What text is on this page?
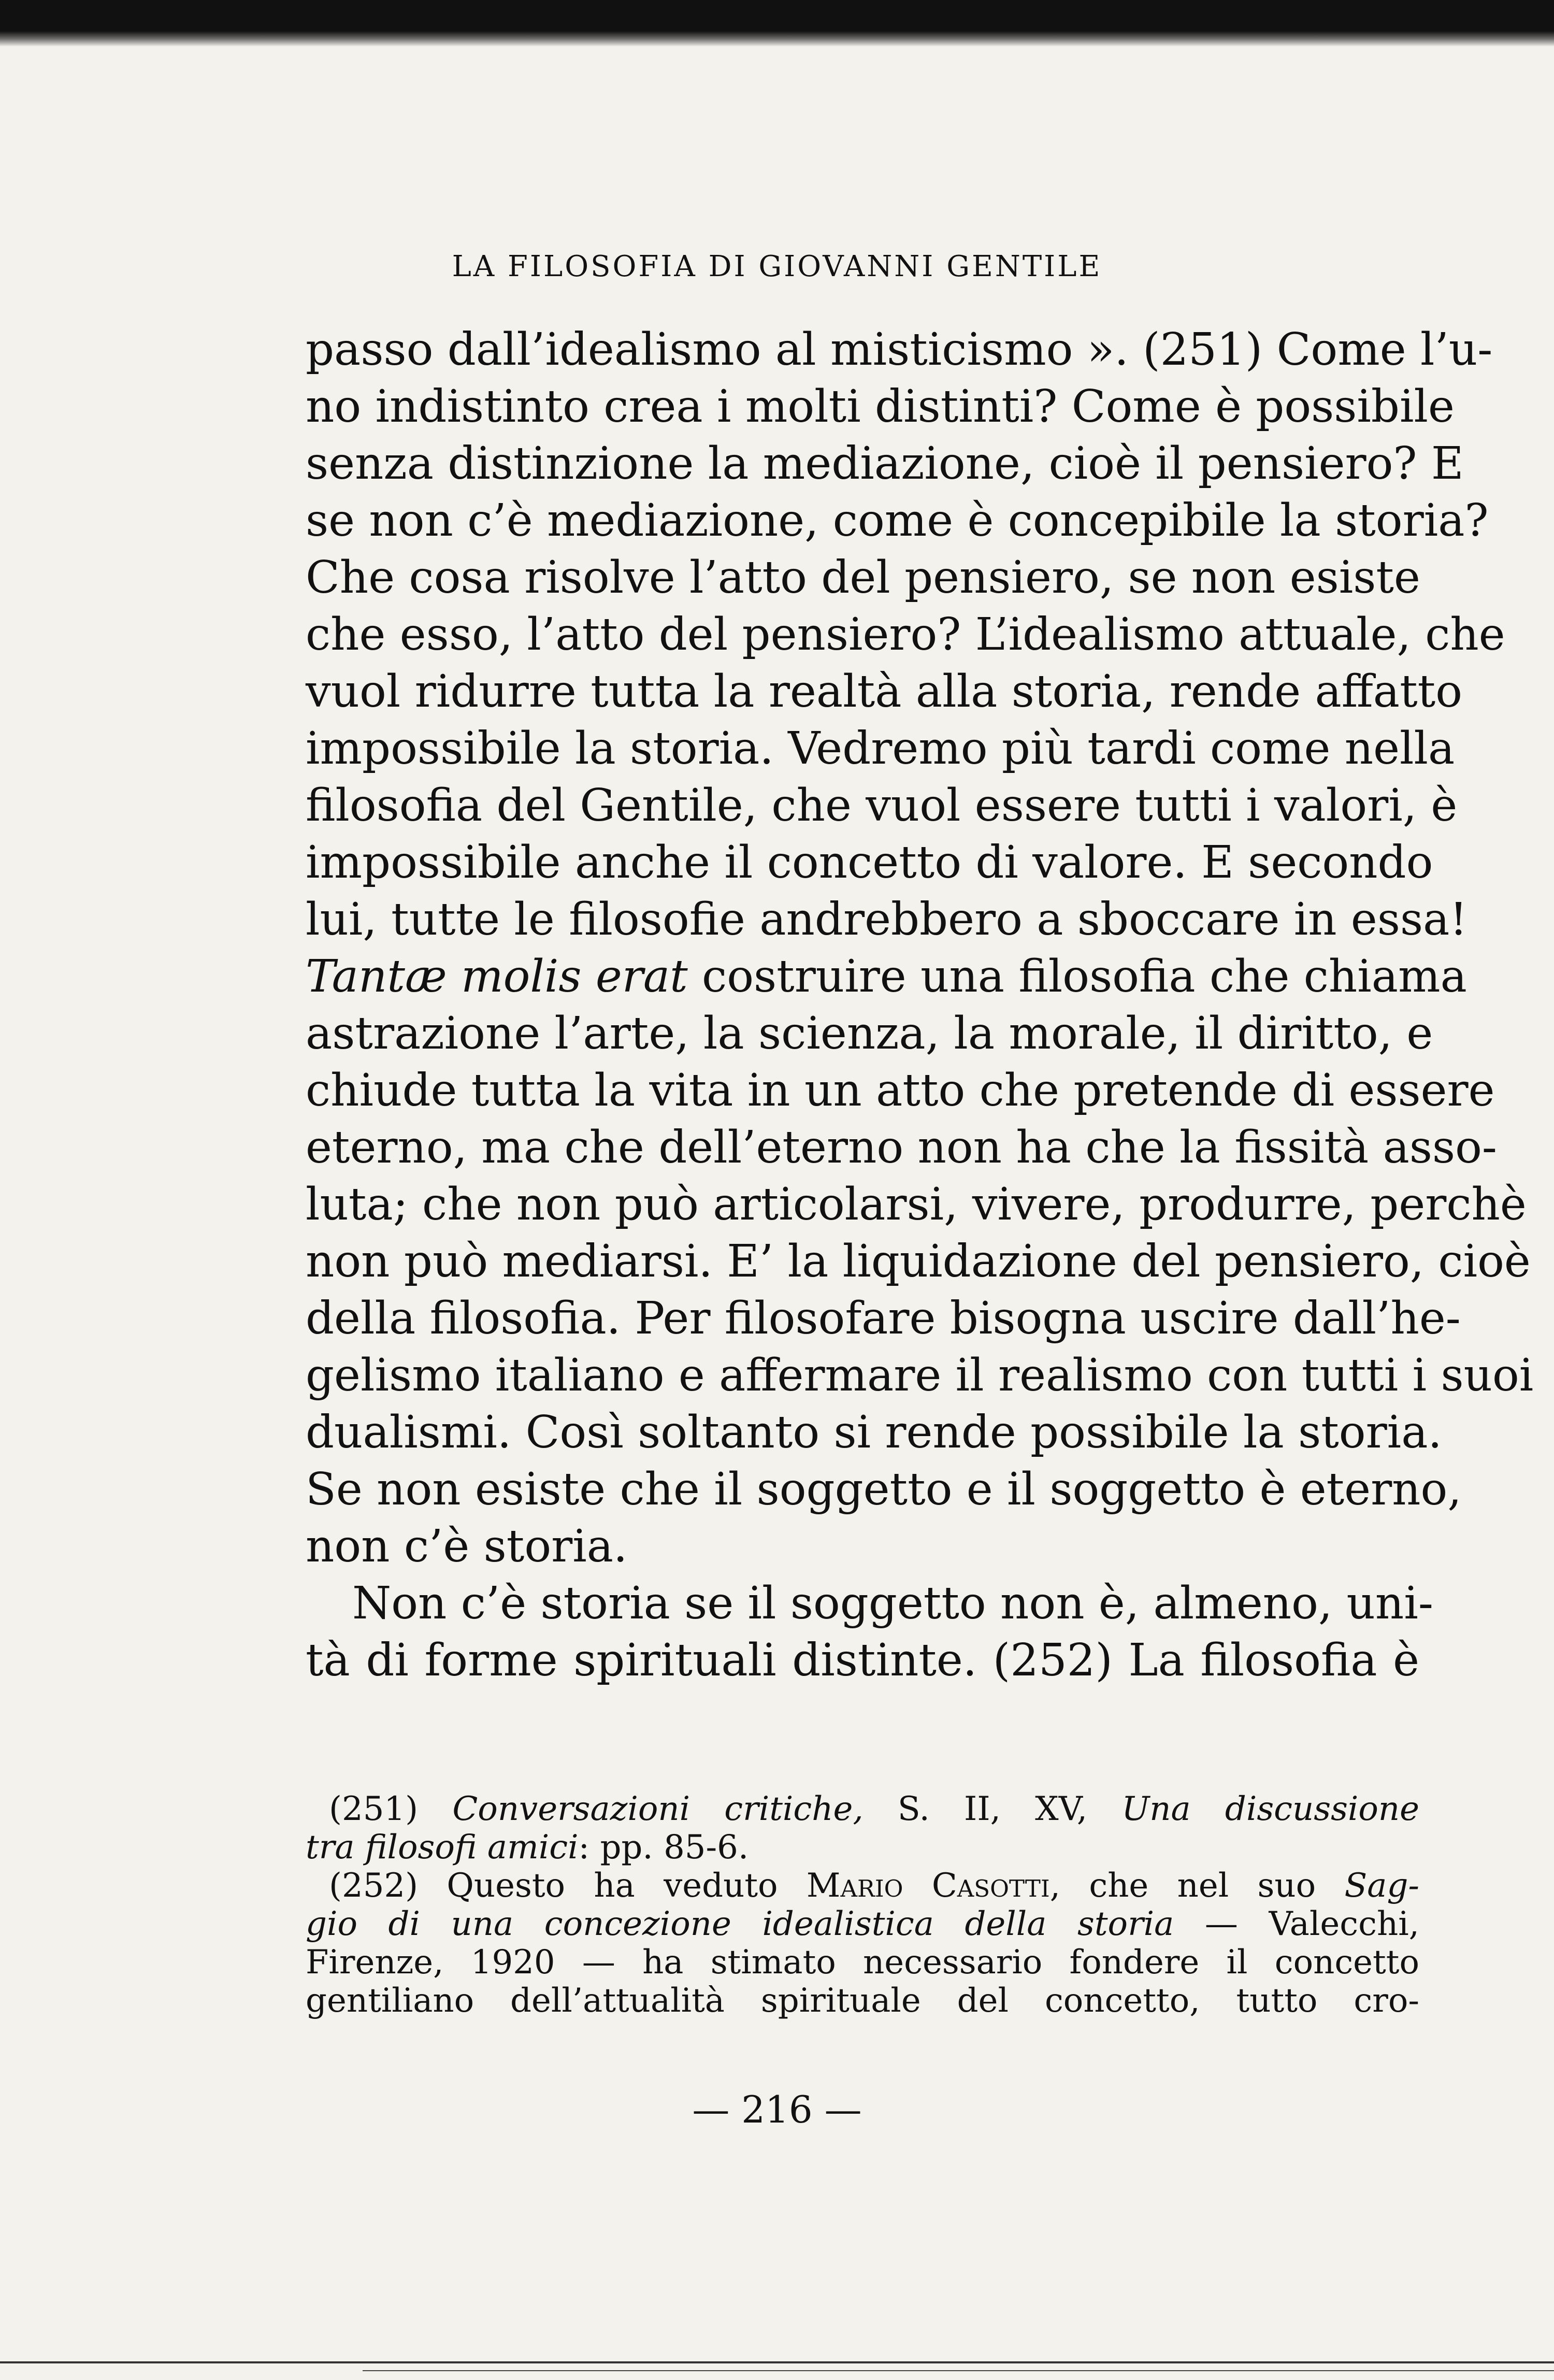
LA FILOSOFIA DI GIOVANNI GENTILE
passo dall’idealismo al misticismo ». (251) Come l’u-
no indistinto crea i molti distinti? Come è possibile
senza distinzione la mediazione, cioè il pensiero? E
se non c’è mediazione, come è concepibile la storia?
Che cosa risolve l’atto del pensiero, se non esiste
che esso, l’atto del pensiero? L’idealismo attuale, che
vuol ridurre tutta la realtà alla storia, rende affatto
impossibile la storia. Vedremo più tardi come nella
filosofia del Gentile, che vuol essere tutti i valori, è
impossibile anche il concetto di valore. E secondo
lui, tutte le filosofie andrebbero a sboccare in essa!
Tantæ molis erat costruire una filosofia che chiama
astrazione l’arte, la scienza, la morale, il diritto, e
chiude tutta la vita in un atto che pretende di essere
eterno, ma che dell’eterno non ha che la fissità asso-
luta; che non può articolarsi, vivere, produrre, perchè
non può mediarsi. E’ la liquidazione del pensiero, cioè
della filosofia. Per filosofare bisogna uscire dall’he-
gelismo italiano e affermare il realismo con tutti i suoi
dualismi. Così soltanto si rende possibile la storia.
Se non esiste che il soggetto e il soggetto è eterno,
non c’è storia.
Non c’è storia se il soggetto non è, almeno, uni-
tà di forme spirituali distinte. (252) La filosofia è
(251) Conversazioni critiche, S. II, XV, Una discussione
tra filosofi amici: pp. 85-6.
(252) Questo ha veduto Mario Casotti, che nel suo Sag-
gio di una concezione idealistica della storia — Valecchi,
Firenze, 1920 — ha stimato necessario fondere il concetto
gentiliano dell’attualità spirituale del concetto, tutto cro-
— 216 —
